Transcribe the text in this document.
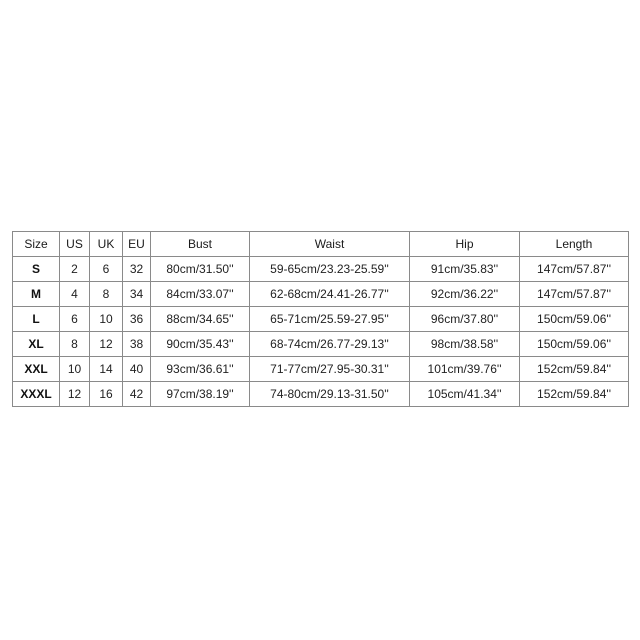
Size	US	UK	EU	Bust	Waist	Hip	Length
S	2	6	32	80cm/31.50''	59-65cm/23.23-25.59''	91cm/35.83''	147cm/57.87''
M	4	8	34	84cm/33.07''	62-68cm/24.41-26.77''	92cm/36.22''	147cm/57.87''
L	6	10	36	88cm/34.65''	65-71cm/25.59-27.95''	96cm/37.80''	150cm/59.06''
XL	8	12	38	90cm/35.43''	68-74cm/26.77-29.13''	98cm/38.58''	150cm/59.06''
XXL	10	14	40	93cm/36.61''	71-77cm/27.95-30.31''	101cm/39.76''	152cm/59.84''
XXXL	12	16	42	97cm/38.19''	74-80cm/29.13-31.50''	105cm/41.34''	152cm/59.84''
